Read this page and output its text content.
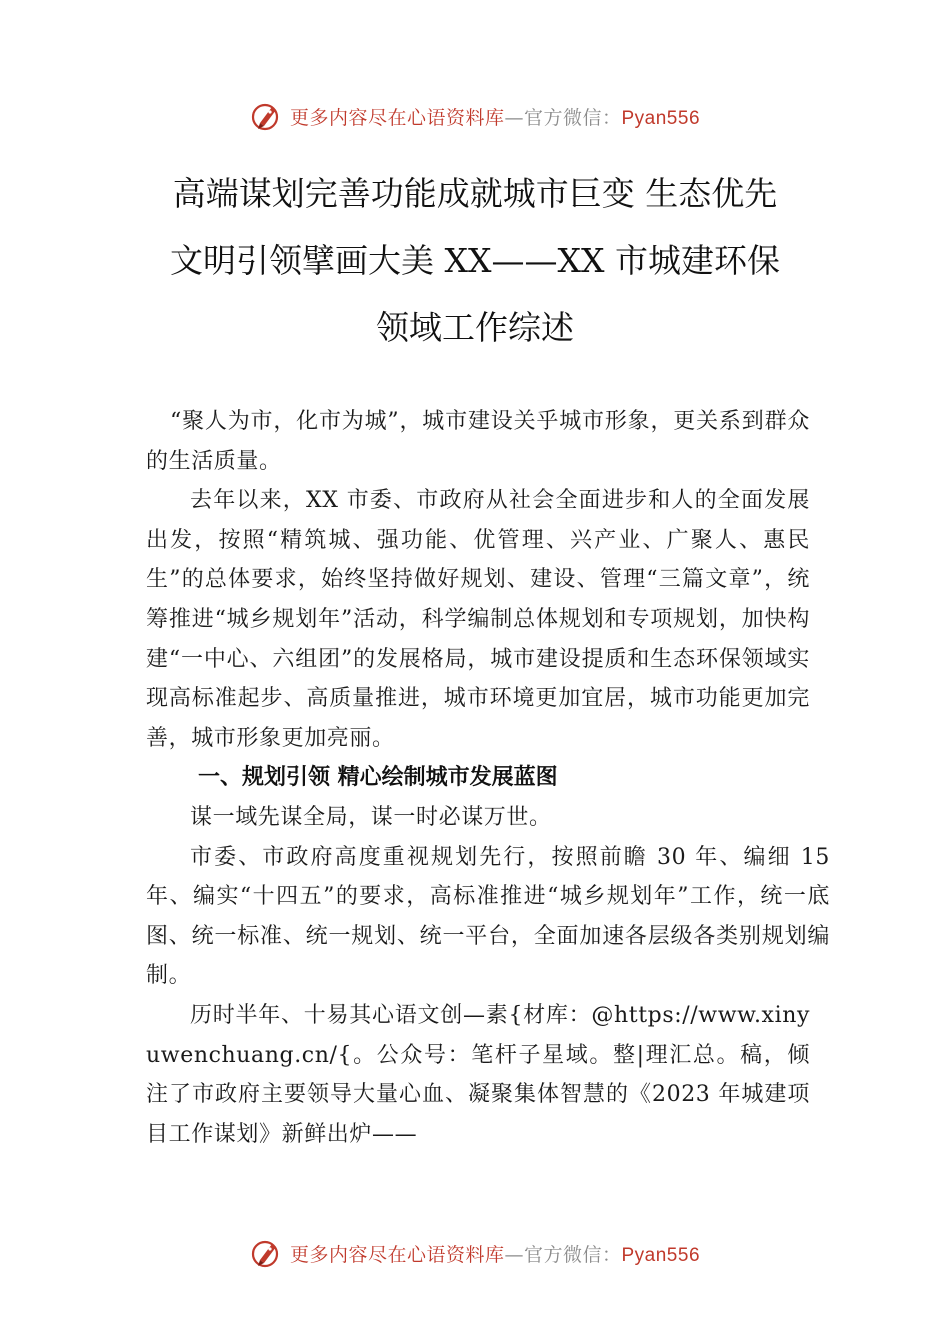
更多内容尽在心语资料库—官方微信：Pyan556
高端谋划完善功能成就城市巨变 生态优先
文明引领擘画大美 XX——XX 市城建环保
领域工作综述

“聚人为市，化市为城”，城市建设关乎城市形象，更关系到群众的生活质量。

去年以来，XX 市委、市政府从社会全面进步和人的全面发展出发，按照“精筑城、强功能、优管理、兴产业、广聚人、惠民生”的总体要求，始终坚持做好规划、建设、管理“三篇文章”，统筹推进“城乡规划年”活动，科学编制总体规划和专项规划，加快构建“一中心、六组团”的发展格局，城市建设提质和生态环保领域实现高标准起步、高质量推进，城市环境更加宜居，城市功能更加完善，城市形象更加亮丽。

一、规划引领 精心绘制城市发展蓝图

谋一域先谋全局，谋一时必谋万世。

市委、市政府高度重视规划先行，按照前瞻 30 年、编细 15 年、编实“十四五”的要求，高标准推进“城乡规划年”工作，统一底图、统一标准、统一规划、统一平台，全面加速各层级各类别规划编制。

历时半年、十易其心语文创—素{材库：@https://www.xinyuwenchuang.cn/{。公众号：笔杆子星域。整|理汇总。稿，倾注了市政府主要领导大量心血、凝聚集体智慧的《2023 年城建项目工作谋划》新鲜出炉——

更多内容尽在心语资料库—官方微信：Pyan556
